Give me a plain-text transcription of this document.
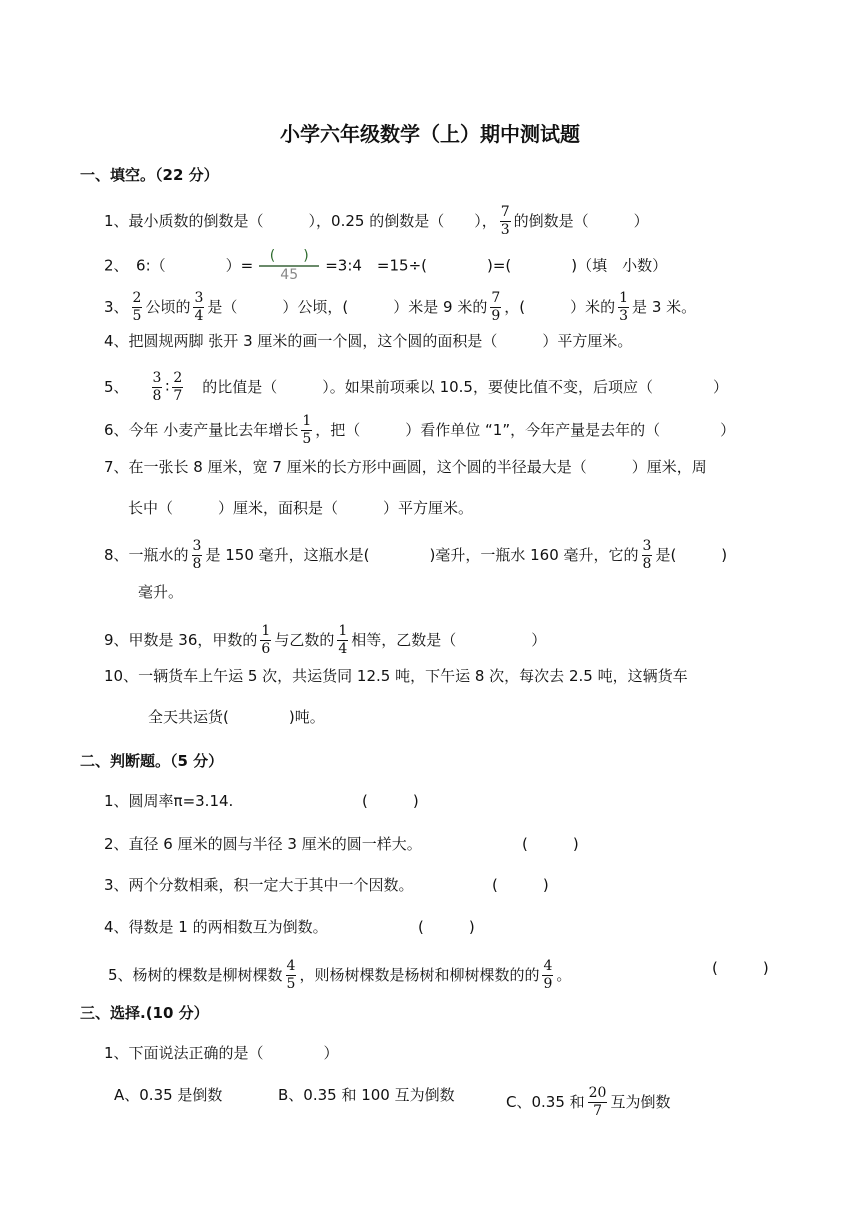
小学六年级数学（上）期中测试题
一、填空。（22 分）
1、最小质数的倒数是（　　　），0.25 的倒数是（　　）， $\frac{7}{3}$ 的倒数是（　　　）
2、　6:（　　　　）=
(　　)
45
=3:4　=15÷(　　　　)=(　　　　)（填　小数）
3、 $\frac{2}{5}$ 公顷的 $\frac{3}{4}$ 是（　　　）公顷，(　　　）米是 9 米的 $\frac{7}{9}$ ，(　　　）米的 $\frac{1}{3}$ 是 3 米。
4、把圆规两脚 张开 3 厘米的画一个圆，这个圆的面积是（　　　）平方厘米。
5、 $\frac{3}{8}$ ∶ $\frac{2}{7}$ 的比值是（　　　）。如果前项乘以 10.5，要使比值不变，后项应（　　　　）
6、今年 小麦产量比去年增长 $\frac{1}{5}$ ，把（　　　）看作单位 “1”，今年产量是去年的（　　　　）
7、在一张长 8 厘米，宽 7 厘米的长方形中画圆，这个圆的半径最大是（　　　）厘米，周
长中（　　　）厘米，面积是（　　　）平方厘米。
8、一瓶水的 $\frac{3}{8}$ 是 150 毫升，这瓶水是(　　　　)毫升，一瓶水 160 毫升，它的 $\frac{3}{8}$ 是(　　　)
毫升。
9、甲数是 36，甲数的 $\frac{1}{6}$ 与乙数的 $\frac{1}{4}$ 相等，乙数是（　　　　　）
10、一辆货车上午运 5 次，共运货同 12.5 吨，下午运 8 次，每次去 2.5 吨，这辆货车
全天共运货(　　　　)吨。
二、判断题。（5 分）
1、圆周率π=3.14.	(　　　)
2、直径 6 厘米的圆与半径 3 厘米的圆一样大。	(　　　)
3、两个分数相乘，积一定大于其中一个因数。	(　　　)
4、得数是 1 的两相数互为倒数。	(　　　)
5、杨树的棵数是柳树棵数 $\frac{4}{5}$ ，则杨树棵数是杨树和柳树棵数的的 $\frac{4}{9}$ 。	(　　　)
三、选择.(10 分）
1、下面说法正确的是（　　　　）
A、0.35 是倒数	B、0.35 和 100 互为倒数	C、0.35 和 $\frac{20}{7}$ 互为倒数
